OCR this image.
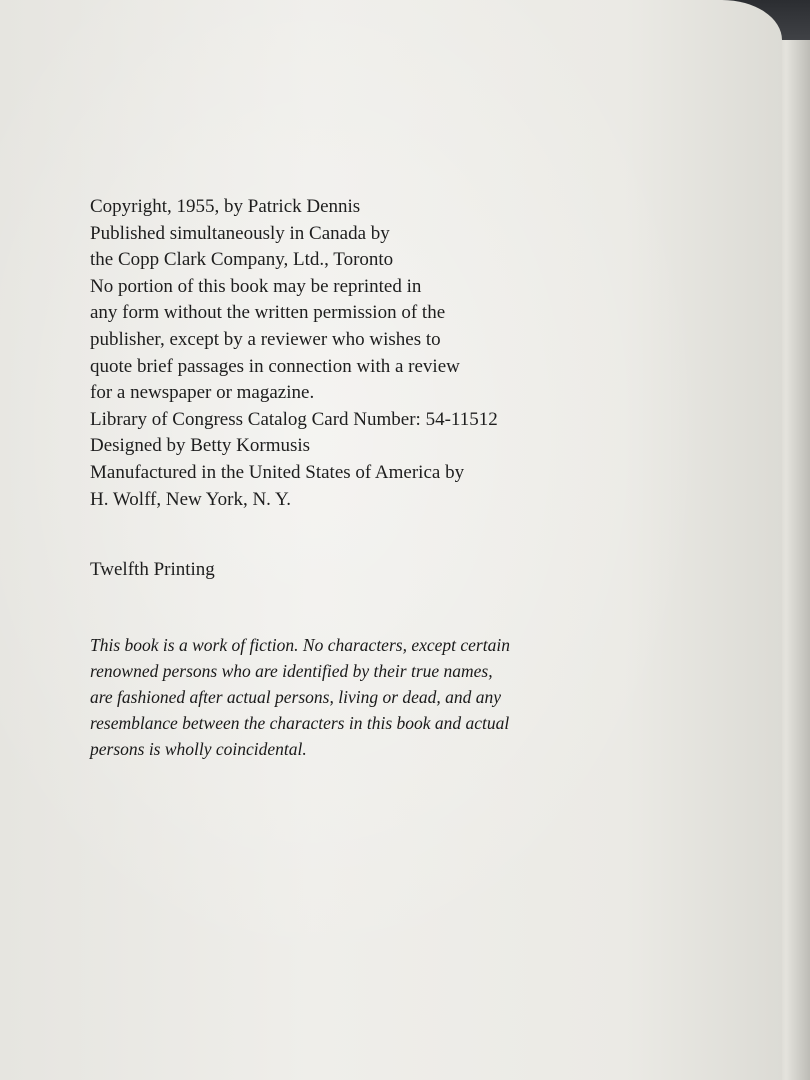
Copyright, 1955, by Patrick Dennis
Published simultaneously in Canada by
the Copp Clark Company, Ltd., Toronto
No portion of this book may be reprinted in
any form without the written permission of the
publisher, except by a reviewer who wishes to
quote brief passages in connection with a review
for a newspaper or magazine.
Library of Congress Catalog Card Number: 54-11512
Designed by Betty Kormusis
Manufactured in the United States of America by
H. Wolff, New York, N. Y.
Twelfth Printing
This book is a work of fiction. No characters, except certain
renowned persons who are identified by their true names,
are fashioned after actual persons, living or dead, and any
resemblance between the characters in this book and actual
persons is wholly coincidental.
